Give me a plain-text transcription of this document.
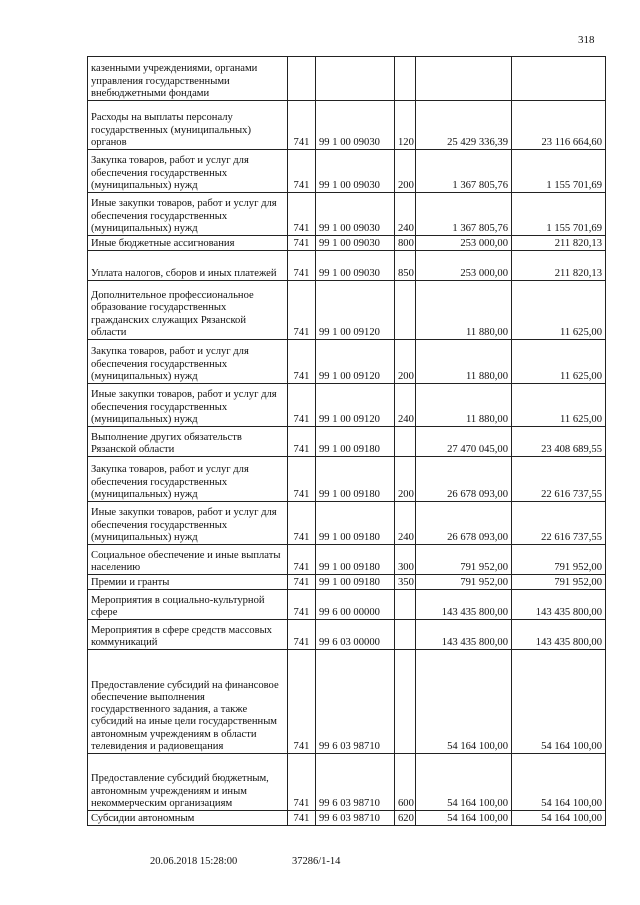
318
казенными учреждениями, органами управления государственными внебюджетными фондами					
Расходы на выплаты персоналу государственных (муниципальных) органов	741	99 1 00 09030	120	25 429 336,39	23 116 664,60
Закупка товаров, работ и услуг для обеспечения государственных (муниципальных) нужд	741	99 1 00 09030	200	1 367 805,76	1 155 701,69
Иные закупки товаров, работ и услуг для обеспечения государственных (муниципальных) нужд	741	99 1 00 09030	240	1 367 805,76	1 155 701,69
Иные бюджетные ассигнования	741	99 1 00 09030	800	253 000,00	211 820,13
Уплата налогов, сборов и иных платежей	741	99 1 00 09030	850	253 000,00	211 820,13
Дополнительное профессиональное образование государственных гражданских служащих Рязанской области	741	99 1 00 09120		11 880,00	11 625,00
Закупка товаров, работ и услуг для обеспечения государственных (муниципальных) нужд	741	99 1 00 09120	200	11 880,00	11 625,00
Иные закупки товаров, работ и услуг для обеспечения государственных (муниципальных) нужд	741	99 1 00 09120	240	11 880,00	11 625,00
Выполнение других обязательств Рязанской области	741	99 1 00 09180		27 470 045,00	23 408 689,55
Закупка товаров, работ и услуг для обеспечения государственных (муниципальных) нужд	741	99 1 00 09180	200	26 678 093,00	22 616 737,55
Иные закупки товаров, работ и услуг для обеспечения государственных (муниципальных) нужд	741	99 1 00 09180	240	26 678 093,00	22 616 737,55
Социальное обеспечение и иные выплаты населению	741	99 1 00 09180	300	791 952,00	791 952,00
Премии и гранты	741	99 1 00 09180	350	791 952,00	791 952,00
Мероприятия в социально-культурной сфере	741	99 6 00 00000		143 435 800,00	143 435 800,00
Мероприятия в сфере средств массовых коммуникаций	741	99 6 03 00000		143 435 800,00	143 435 800,00
Предоставление субсидий на финансовое обеспечение выполнения государственного задания, а также субсидий на иные цели государственным автономным учреждениям в области телевидения и радиовещания	741	99 6 03 98710		54 164 100,00	54 164 100,00
Предоставление субсидий бюджетным, автономным учреждениям и иным некоммерческим организациям	741	99 6 03 98710	600	54 164 100,00	54 164 100,00
Субсидии автономным	741	99 6 03 98710	620	54 164 100,00	54 164 100,00
20.06.2018 15:28:00	37286/1-14
